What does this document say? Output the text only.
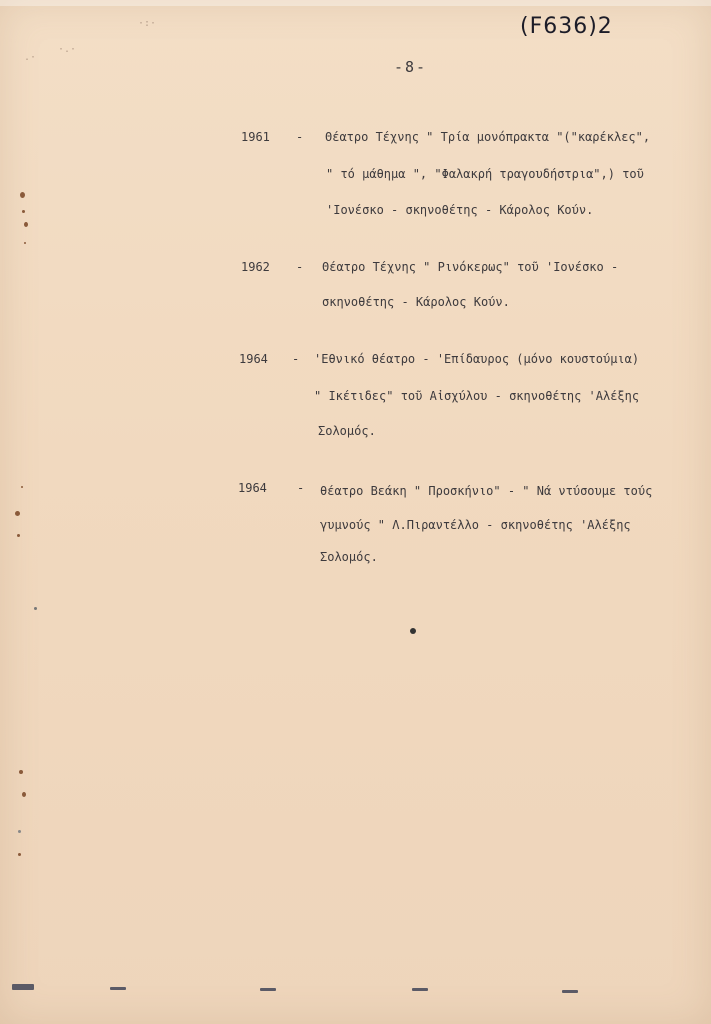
(F636)2
-8-
1961 - Θέατρο Τέχνης " Τρία μονόπρακτα "("καρέκλες",
" τό μάθημα ", "Φαλακρή τραγουδήστρια",) τοῦ
'Ιονέσκο - σκηνοθέτης - Κάρολος Κούν.
1962 - Θέατρο Τέχνης " Ρινόκερως" τοῦ 'Ιονέσκο -
σκηνοθέτης - Κάρολος Κούν.
1964 - 'Εθνικό θέατρο - 'Επίδαυρος (μόνο κουστούμια)
" Ικέτιδες" τοῦ Αἰσχύλου - σκηνοθέτης 'Αλέξης
Σολομός.
1964	- θέατρο Βεάκη " Προσκήνιο" - " Νά ντύσουμε τούς
γυμνούς " Λ.Πιραντέλλο - σκηνοθέτης 'Αλέξης
Σολομός.
·:·
·.·
.·
